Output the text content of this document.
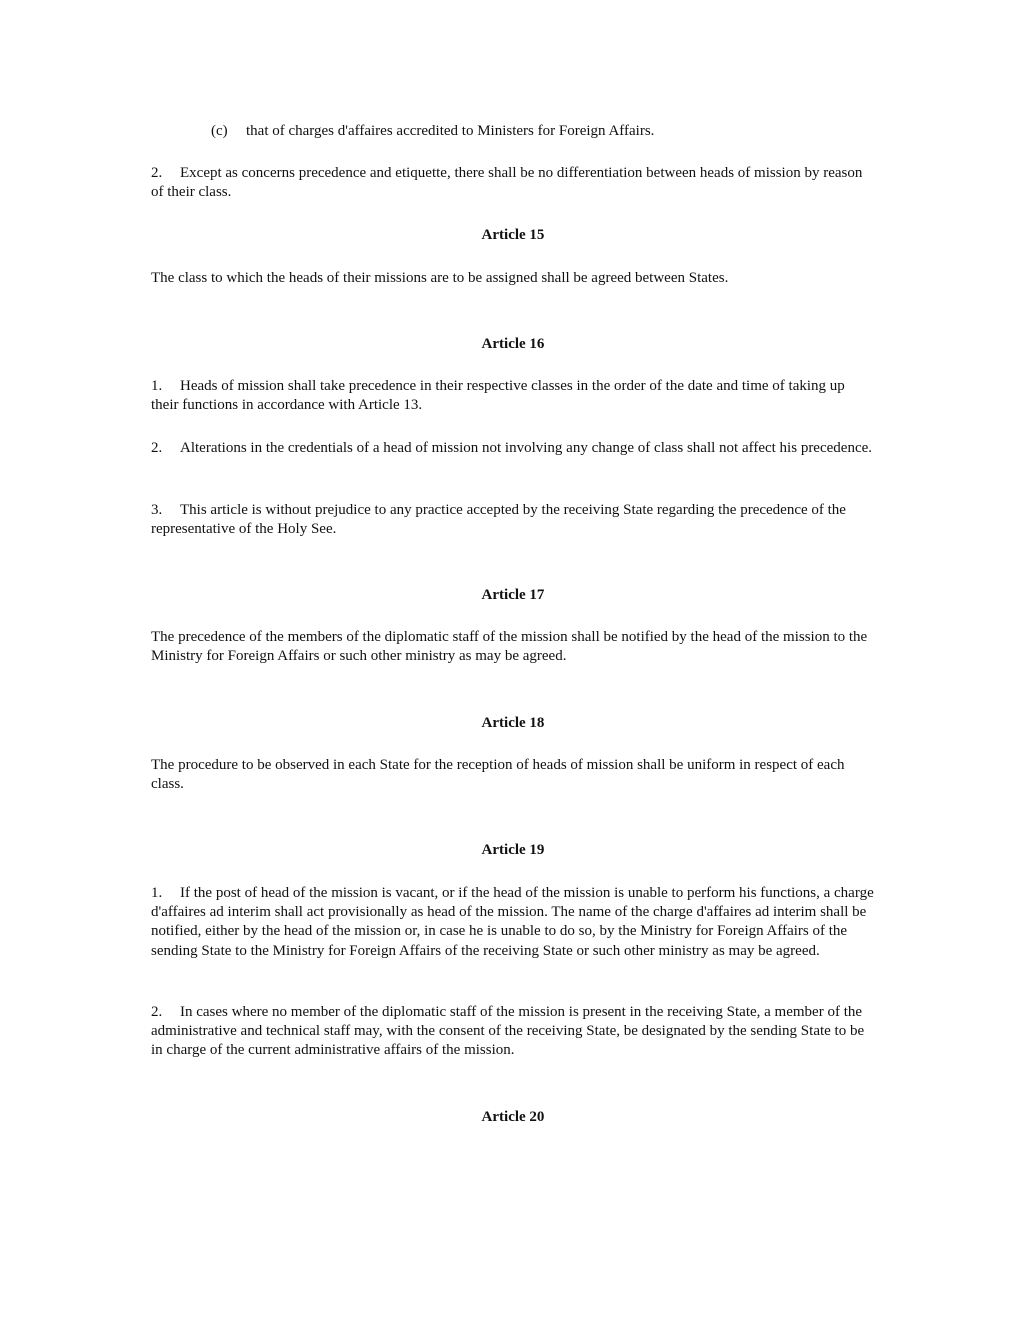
(c) that of charges d'affaires accredited to Ministers for Foreign Affairs.

2. Except as concerns precedence and etiquette, there shall be no differentiation between heads of mission by reason of their class.

Article 15

The class to which the heads of their missions are to be assigned shall be agreed between States.

Article 16

1. Heads of mission shall take precedence in their respective classes in the order of the date and time of taking up their functions in accordance with Article 13.

2. Alterations in the credentials of a head of mission not involving any change of class shall not affect his precedence.

3. This article is without prejudice to any practice accepted by the receiving State regarding the precedence of the representative of the Holy See.

Article 17

The precedence of the members of the diplomatic staff of the mission shall be notified by the head of the mission to the Ministry for Foreign Affairs or such other ministry as may be agreed.

Article 18

The procedure to be observed in each State for the reception of heads of mission shall be uniform in respect of each class.

Article 19

1. If the post of head of the mission is vacant, or if the head of the mission is unable to perform his functions, a charge d'affaires ad interim shall act provisionally as head of the mission. The name of the charge d'affaires ad interim shall be notified, either by the head of the mission or, in case he is unable to do so, by the Ministry for Foreign Affairs of the sending State to the Ministry for Foreign Affairs of the receiving State or such other ministry as may be agreed.

2. In cases where no member of the diplomatic staff of the mission is present in the receiving State, a member of the administrative and technical staff may, with the consent of the receiving State, be designated by the sending State to be in charge of the current administrative affairs of the mission.

Article 20
